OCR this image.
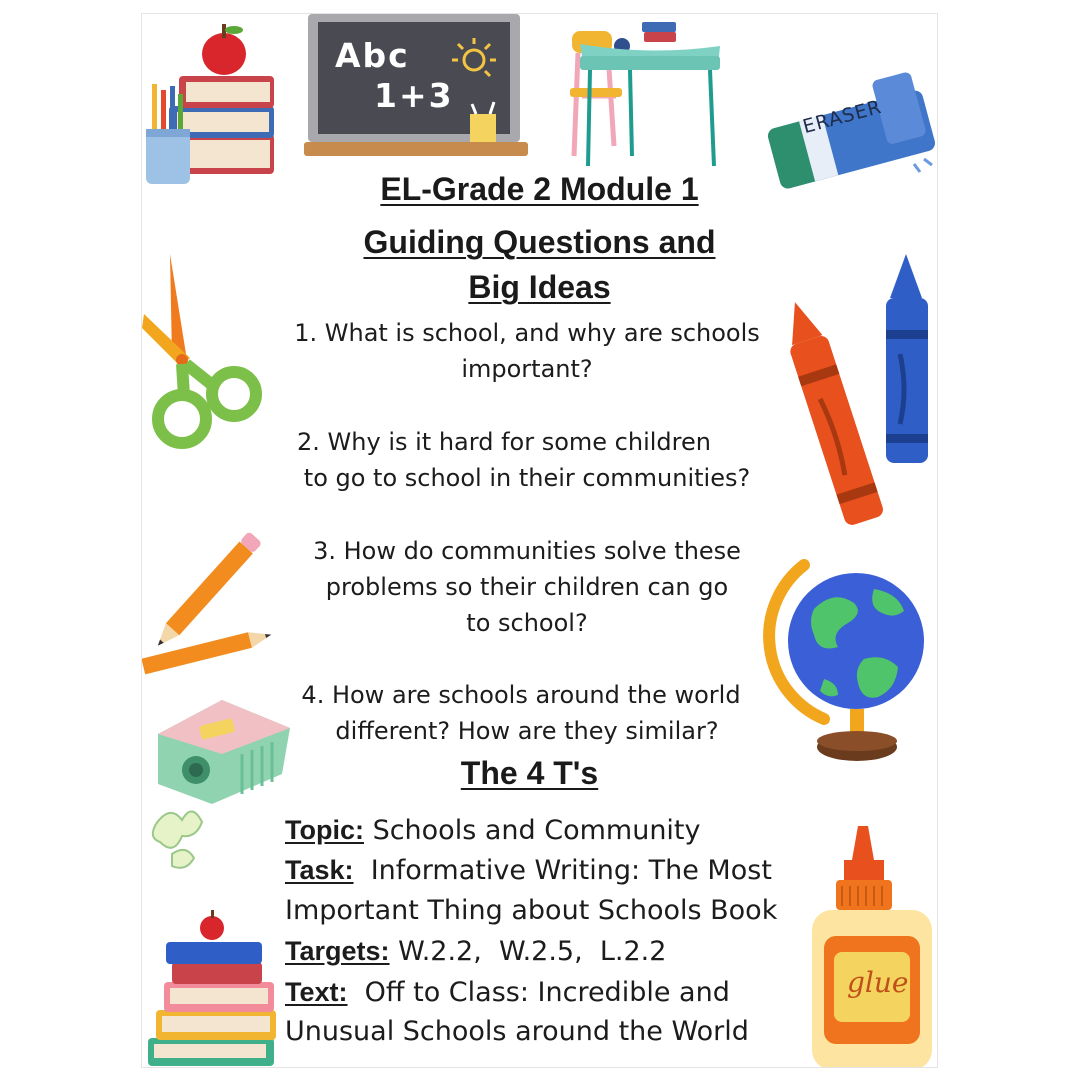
Abc
1+3
ERASER
glue
EL-Grade 2 Module 1
Guiding Questions and
Big Ideas
1. What is school, and why are schools
important?
2. Why is it hard for some children
to go to school in their communities?
3. How do communities solve these
problems so their children can go
to school?
4. How are schools around the world
different? How are they similar?
The 4 T's
Topic: Schools and Community
Task:  Informative Writing: The Most
Important Thing about Schools Book
Targets: W.2.2,  W.2.5,  L.2.2
Text:  Off to Class: Incredible and
Unusual Schools around the World
